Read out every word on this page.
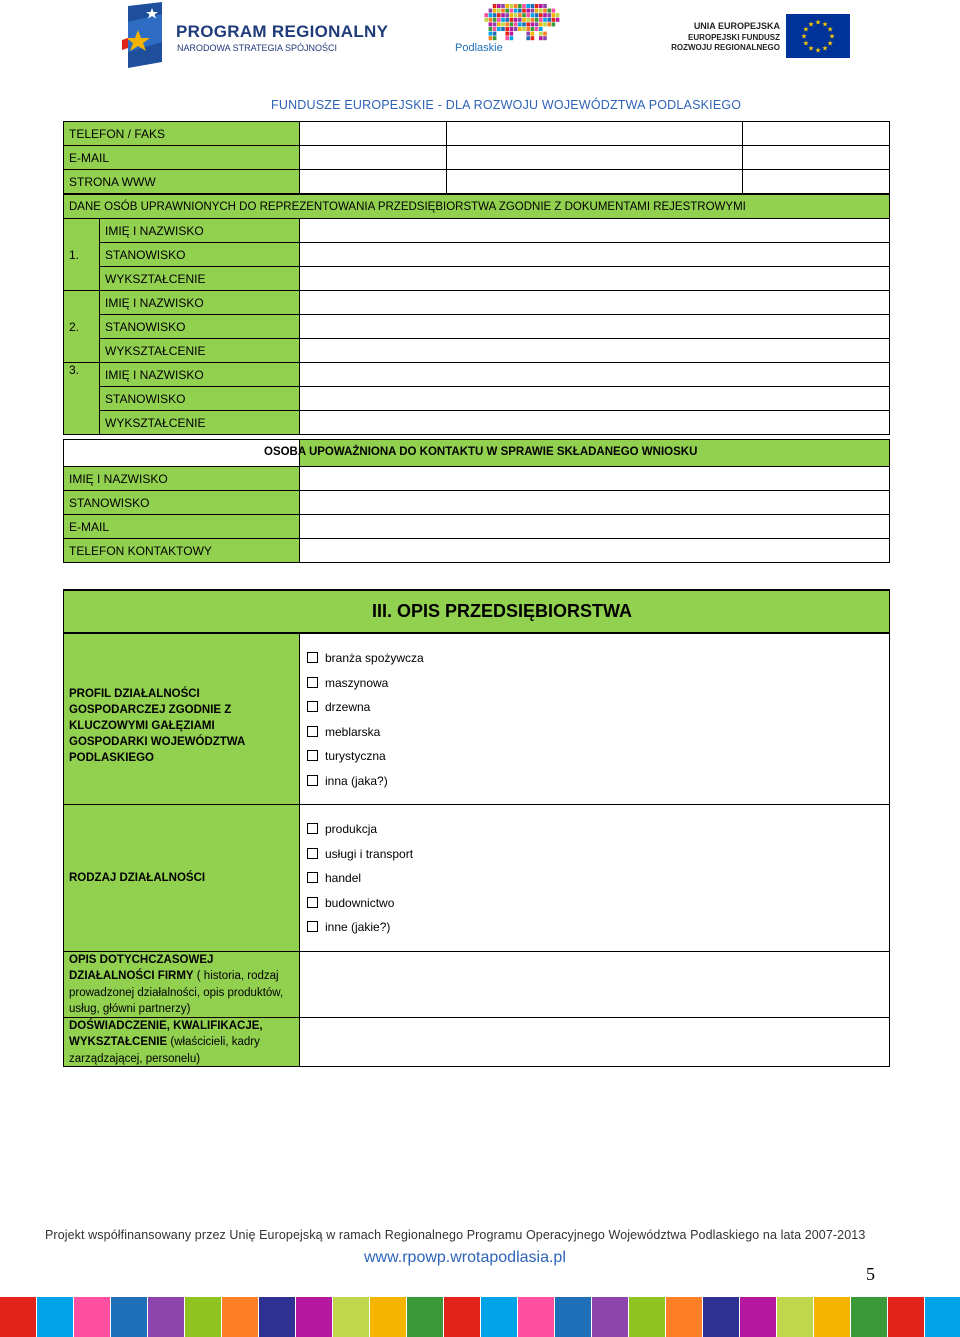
PROGRAM REGIONALNY
NARODOWA STRATEGIA SPÓJNOŚCI	Podlaskie
UNIA EUROPEJSKA
EUROPEJSKI FUNDUSZ
ROZWOJU REGIONALNEGO
★
★
★
★
★
★
★
★
★ ★ ★
★
FUNDUSZE EUROPEJSKIE - DLA ROZWOJU WOJEWÓDZTWA PODLASKIEGO
TELEFON / FAKS
E-MAIL
STRONA WWW
DANE OSÓB UPRAWNIONYCH DO REPREZENTOWANIA PRZEDSIĘBIORSTWA ZGODNIE Z DOKUMENTAMI REJESTROWYMI
1.
IMIĘ I NAZWISKO
STANOWISKO
WYKSZTAŁCENIE
2.
IMIĘ I NAZWISKO
STANOWISKO
WYKSZTAŁCENIE
3. IMIĘ I NAZWISKO
STANOWISKO
WYKSZTAŁCENIE
OSOBA UPOWAŻNIONA DO KONTAKTU W SPRAWIE SKŁADANEGO WNIOSKU
IMIĘ I NAZWISKO
STANOWISKO
E-MAIL
TELEFON KONTAKTOWY
III. OPIS PRZEDSIĘBIORSTWA
PROFIL DZIAŁALNOŚCI GOSPODARCZEJ ZGODNIE Z KLUCZOWYMI GAŁĘZIAMI GOSPODARKI WOJEWÓDZTWA PODLASKIEGO
branża spożywcza
maszynowa
drzewna
meblarska
turystyczna
inna (jaka?)
RODZAJ DZIAŁALNOŚCI
produkcja
usługi i transport
handel
budownictwo
inne (jakie?)
OPIS DOTYCHCZASOWEJ DZIAŁALNOŚCI FIRMY ( historia, rodzaj prowadzonej działalności, opis produktów, usług, główni partnerzy)
DOŚWIADCZENIE, KWALIFIKACJE, WYKSZTAŁCENIE (właścicieli, kadry zarządzającej, personelu)
Projekt współfinansowany przez Unię Europejską w ramach Regionalnego Programu Operacyjnego Województwa Podlaskiego na lata 2007-2013
www.rpowp.wrotapodlasia.pl
5
